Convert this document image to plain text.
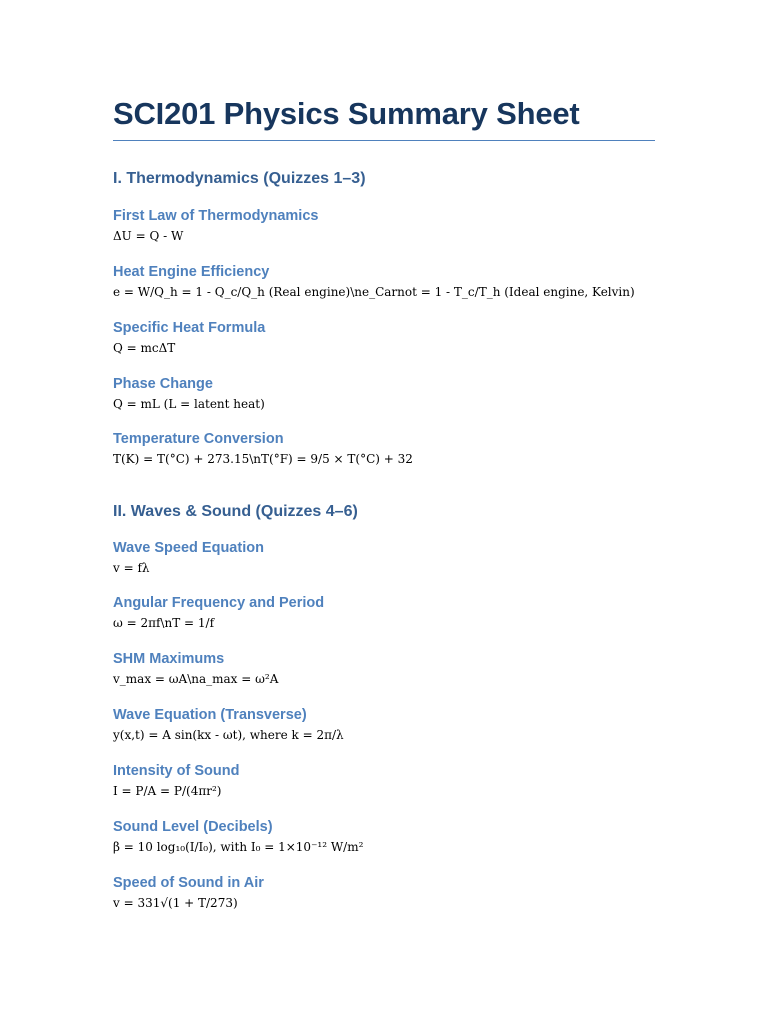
SCI201 Physics Summary Sheet
I. Thermodynamics (Quizzes 1–3)
First Law of Thermodynamics

ΔU = Q - W

Heat Engine Efficiency

e = W/Q_h = 1 - Q_c/Q_h (Real engine)\ne_Carnot = 1 - T_c/T_h (Ideal engine, Kelvin)

Specific Heat Formula

Q = mcΔT

Phase Change

Q = mL (L = latent heat)

Temperature Conversion

T(K) = T(°C) + 273.15\nT(°F) = 9/5 × T(°C) + 32

II. Waves & Sound (Quizzes 4–6)
Wave Speed Equation

v = fλ

Angular Frequency and Period

ω = 2πf\nT = 1/f

SHM Maximums

v_max = ωA\na_max = ω²A

Wave Equation (Transverse)

y(x,t) = A sin(kx - ωt), where k = 2π/λ

Intensity of Sound

I = P/A = P/(4πr²)

Sound Level (Decibels)

β = 10 log₁₀(I/I₀), with I₀ = 1×10⁻¹² W/m²

Speed of Sound in Air

v = 331√(1 + T/273)
